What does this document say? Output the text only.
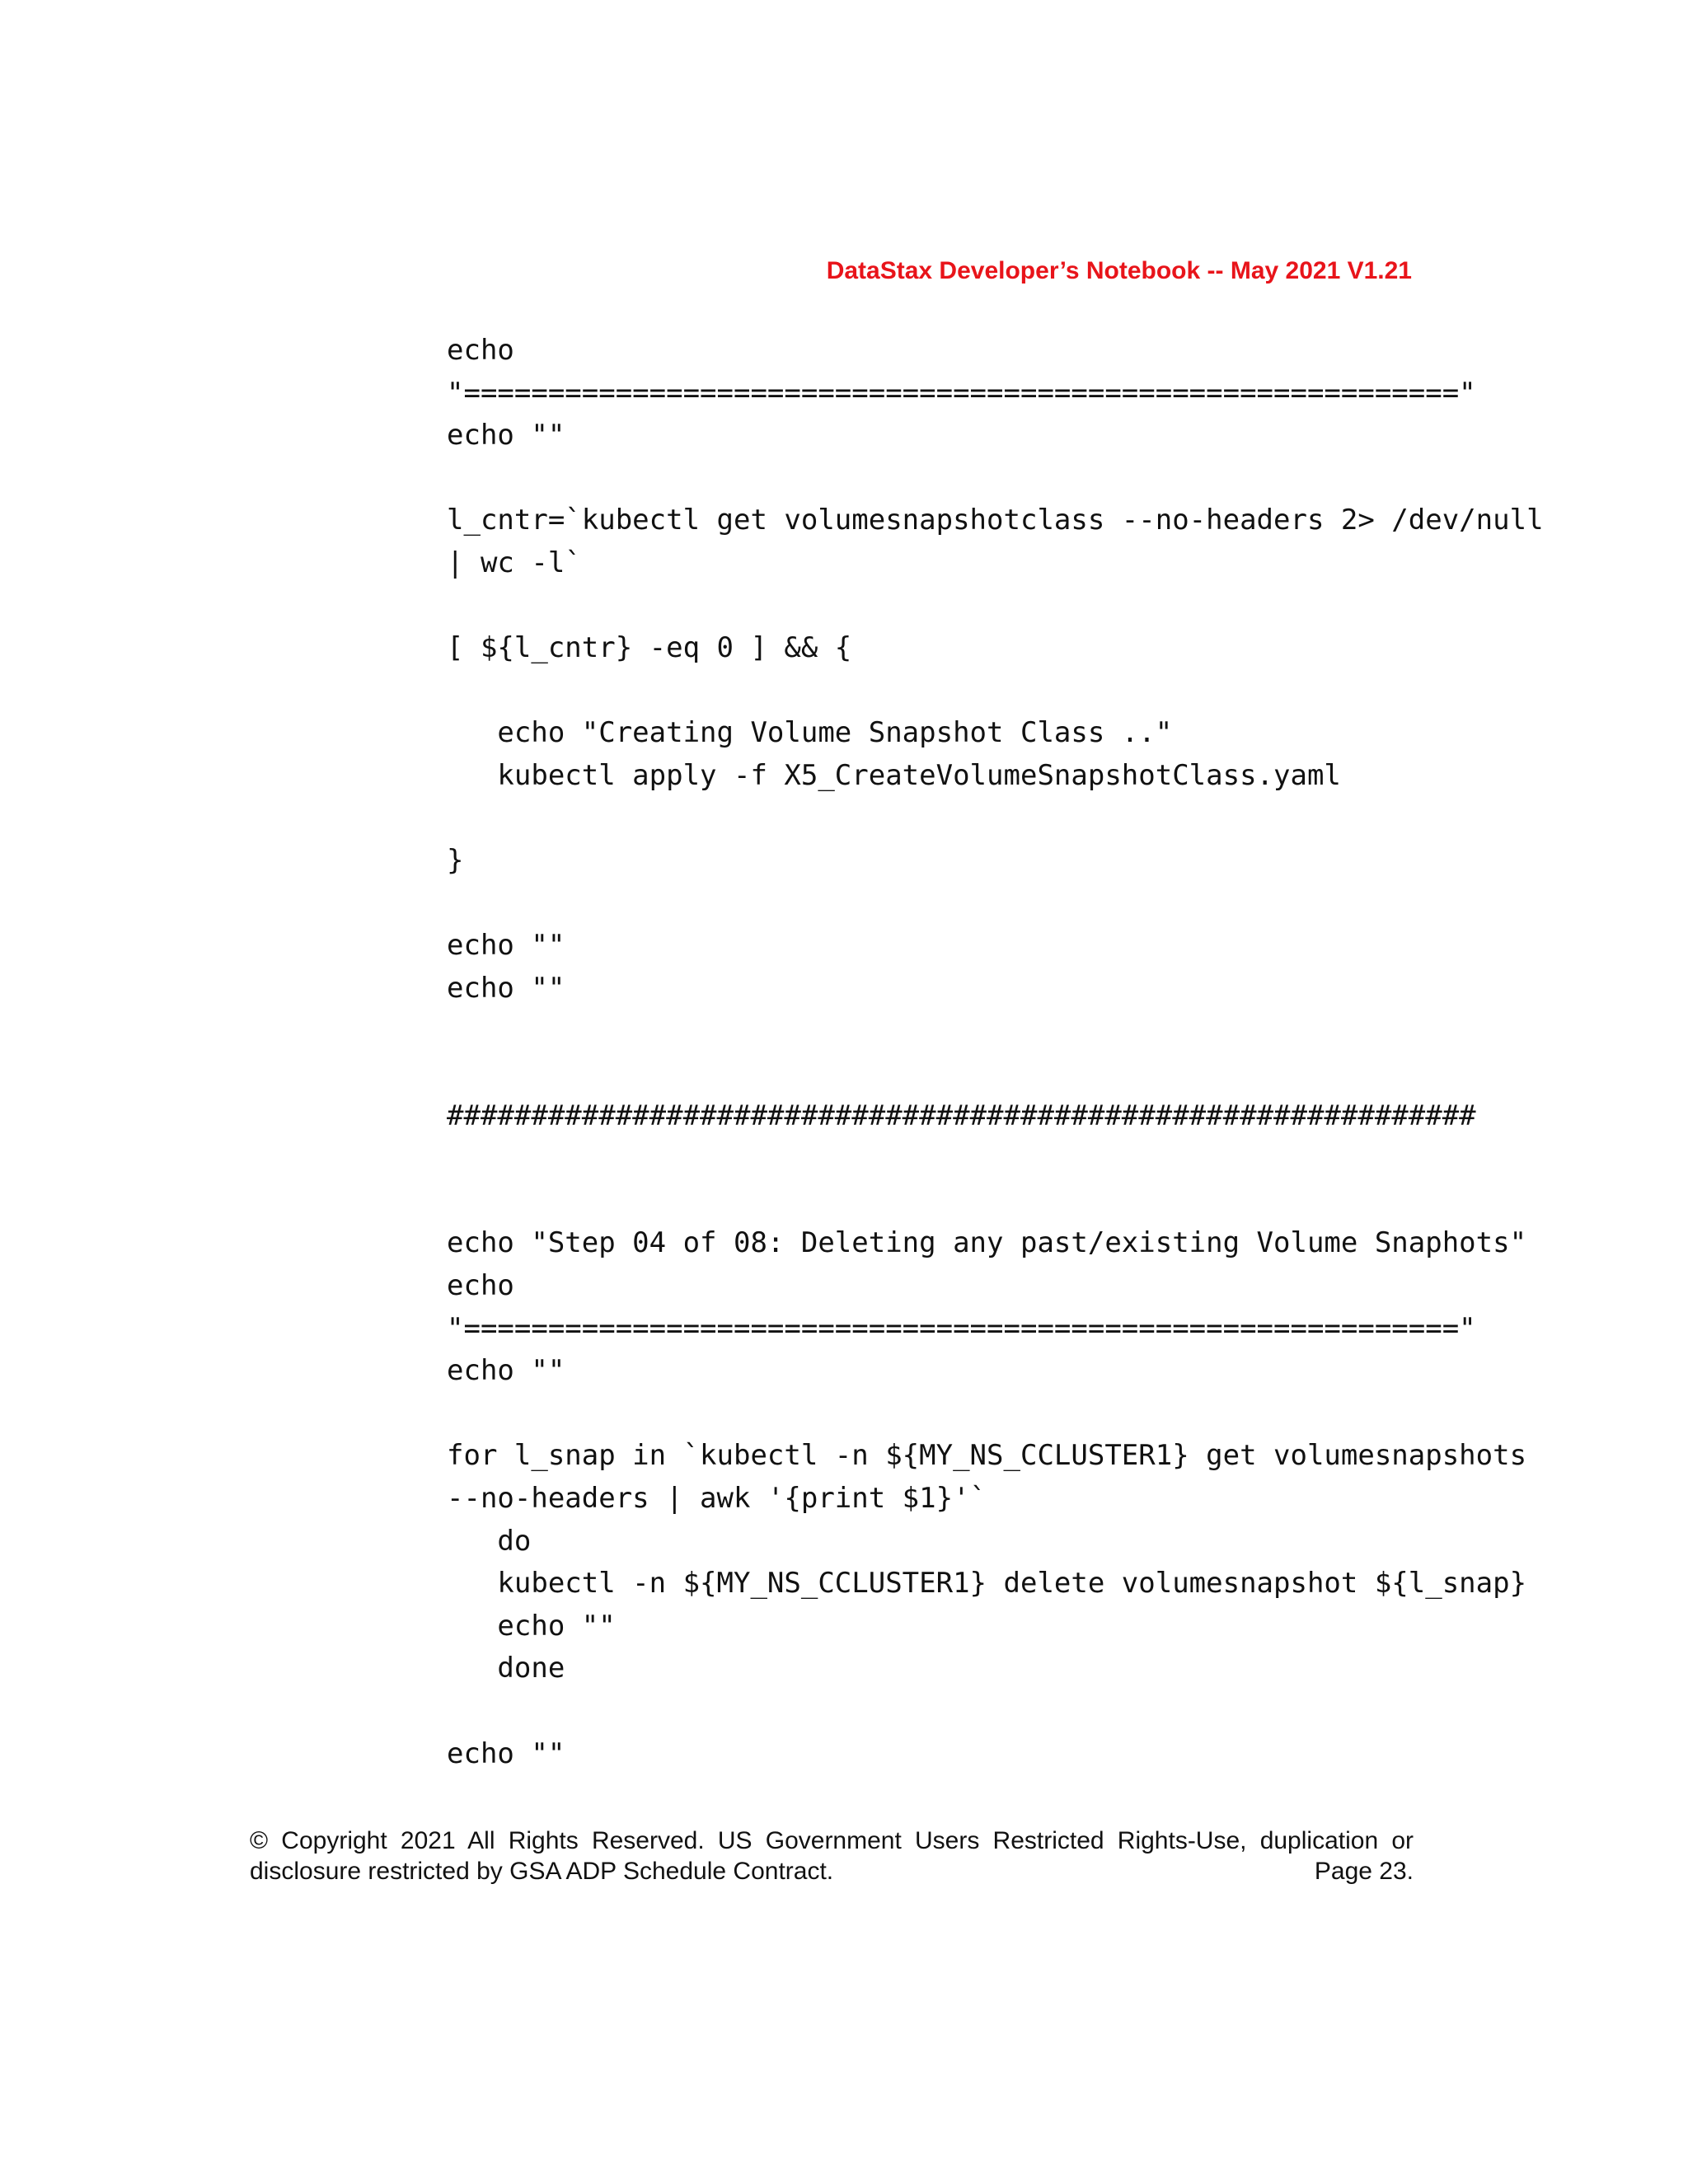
DataStax Developer’s Notebook -- May 2021 V1.21
echo
"==========================================================="
echo ""
l_cntr=`kubectl get volumesnapshotclass --no-headers 2> /dev/null
| wc -l`
[ ${l_cntr} -eq 0 ] && {
echo "Creating Volume Snapshot Class .."
kubectl apply -f X5_CreateVolumeSnapshotClass.yaml
}
echo ""
echo ""
#############################################################
echo "Step 04 of 08: Deleting any past/existing Volume Snaphots"
echo
"==========================================================="
echo ""
for l_snap in `kubectl -n ${MY_NS_CCLUSTER1} get volumesnapshots
--no-headers | awk '{print $1}'`
do
kubectl -n ${MY_NS_CCLUSTER1} delete volumesnapshot ${l_snap}
echo ""
done
echo ""
© Copyright 2021 All Rights Reserved. US Government Users Restricted Rights-Use, duplication or
disclosure restricted by GSA ADP Schedule Contract.	Page 23.
